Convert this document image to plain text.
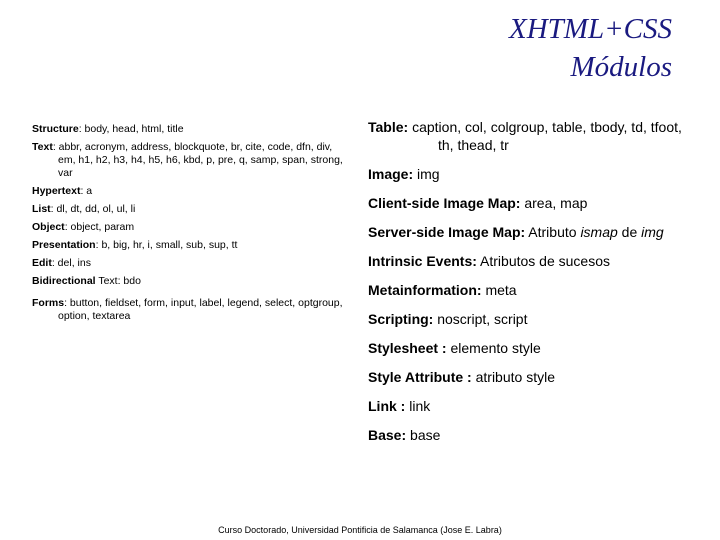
XHTML+CSS
Módulos
Structure: body, head, html, title
Text: abbr, acronym, address, blockquote, br, cite, code, dfn, div, em, h1, h2, h3, h4, h5, h6, kbd, p, pre, q, samp, span, strong, var
Hypertext: a
List: dl, dt, dd, ol, ul, li
Object: object, param
Presentation: b, big, hr, i, small, sub, sup, tt
Edit: del, ins
Bidirectional Text: bdo
Forms: button, fieldset, form, input, label, legend, select, optgroup, option, textarea
Table: caption, col, colgroup, table, tbody, td, tfoot, th, thead, tr
Image: img
Client-side Image Map: area, map
Server-side Image Map: Atributo ismap de img
Intrinsic Events: Atributos de sucesos
Metainformation: meta
Scripting: noscript, script
Stylesheet : elemento style
Style Attribute : atributo style
Link : link
Base: base
Curso Doctorado, Universidad Pontificia de Salamanca (Jose E. Labra)
